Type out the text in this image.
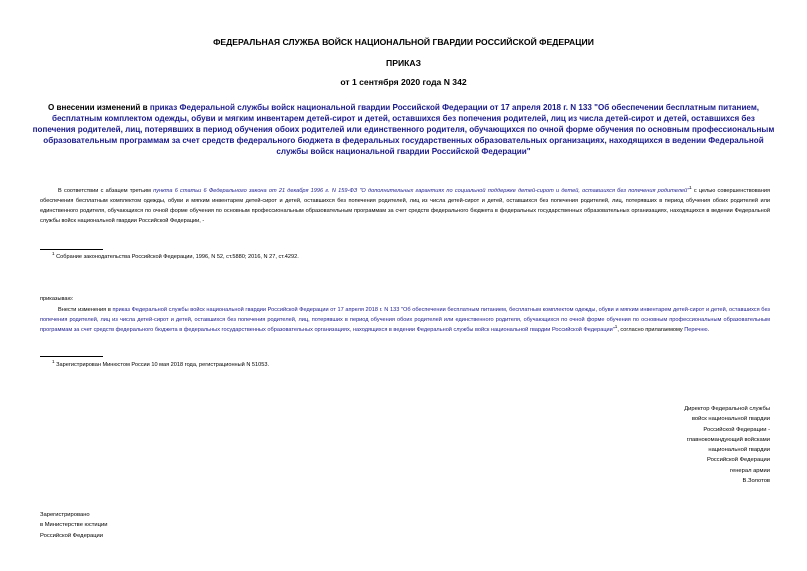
ФЕДЕРАЛЬНАЯ СЛУЖБА ВОЙСК НАЦИОНАЛЬНОЙ ГВАРДИИ РОССИЙСКОЙ ФЕДЕРАЦИИ
ПРИКАЗ
от 1 сентября 2020 года N 342
О внесении изменений в приказ Федеральной службы войск национальной гвардии Российской Федерации от 17 апреля 2018 г. N 133 "Об обеспечении бесплатным питанием, бесплатным комплектом одежды, обуви и мягким инвентарем детей-сирот и детей, оставшихся без попечения родителей, лиц из числа детей-сирот и детей, оставшихся без попечения родителей, лиц, потерявших в период обучения обоих родителей или единственного родителя, обучающихся по очной форме обучения по основным профессиональным образовательным программам за счет средств федерального бюджета в федеральных государственных образовательных организациях, находящихся в ведении Федеральной службы войск национальной гвардии Российской Федерации"
В соответствии с абзацем третьим пункта 6 статьи 6 Федерального закона от 21 декабря 1996 г. N 159-ФЗ "О дополнительных гарантиях по социальной поддержке детей-сирот и детей, оставшихся без попечения родителей"$^1$ с целью совершенствования обеспечения бесплатным комплектом одежды, обуви и мягким инвентарем детей-сирот и детей, оставшихся без попечения родителей, лиц из числа детей-сирот и детей, оставшихся без попечения родителей, лиц, потерявших в период обучения обоих родителей или единственного родителя, обучающихся по очной форме обучения по основным профессиональным образовательным программам за счет средств федерального бюджета в федеральных государственных образовательных организациях, находящихся в ведении Федеральной службы войск национальной гвардии Российской Федерации, -
$^1$ Собрание законодательства Российской Федерации, 1996, N 52, ст.5880; 2016, N 27, ст.4292.
приказываю:
Внести изменения в приказ Федеральной службы войск национальной гвардии Российской Федерации от 17 апреля 2018 г. N 133 "Об обеспечении бесплатным питанием, бесплатным комплектом одежды, обуви и мягким инвентарем детей-сирот и детей, оставшихся без попечения родителей, лиц из числа детей-сирот и детей, оставшихся без попечения родителей, лиц, потерявших в период обучения обоих родителей или единственного родителя, обучающихся по очной форме обучения по основным профессиональным образовательным программам за счет средств федерального бюджета в федеральных государственных образовательных организациях, находящихся в ведении Федеральной службы войск национальной гвардии Российской Федерации"$^1$, согласно прилагаемому Перечню.
$^1$ Зарегистрирован Минюстом России 10 мая 2018 года, регистрационный N 51053.
Директор Федеральной службы
войск национальной гвардии
Российской Федерации -
главнокомандующий войсками
национальной гвардии
Российской Федерации
генерал армии
В.Золотов
Зарегистрировано
в Министерстве юстиции
Российской Федерации
